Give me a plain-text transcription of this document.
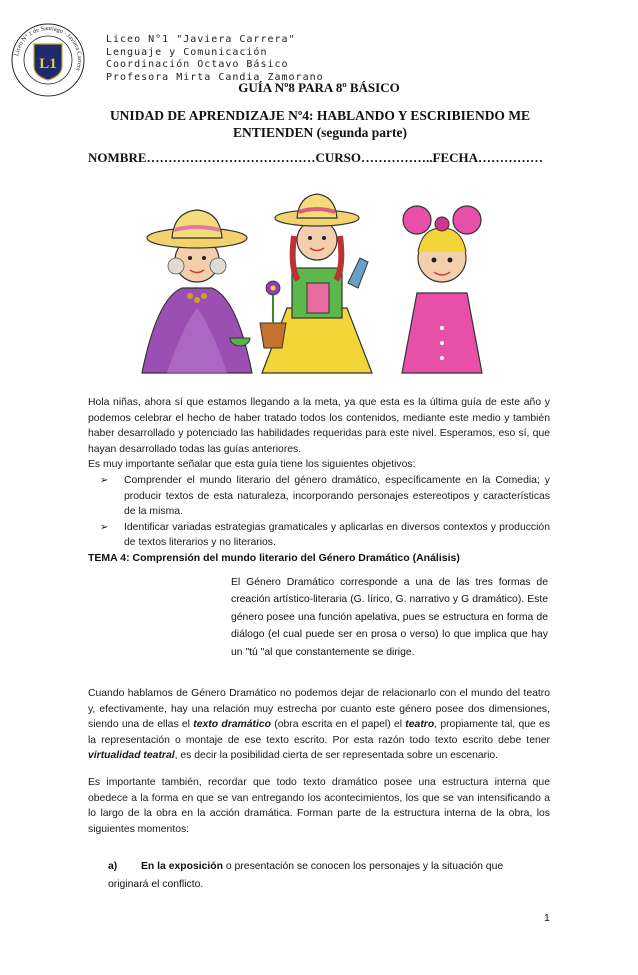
Liceo N° 1 de Santiago · Javiera Carrera
L1
Liceo N°1 "Javiera Carrera"
Lenguaje y Comunicación
Coordinación Octavo Básico
Profesora Mirta Candia Zamorano
GUÍA Nº8 PARA 8º BÁSICO
UNIDAD DE APRENDIZAJE Nº4: HABLANDO Y ESCRIBIENDO ME ENTIENDEN (segunda parte)
NOMBRE…………………………………CURSO……………..FECHA……………

Hola niñas, ahora sí que estamos llegando a la meta, ya que esta es la última guía de este año y podemos celebrar el hecho de haber tratado todos los contenidos, mediante este medio y también haber desarrollado y potenciado las habilidades requeridas para este nivel. Esperamos, eso sí, que hayan desarrollado todas las guías anteriores.

Es muy importante señalar que esta guía tiene los siguientes objetivos:

➢ Comprender el mundo literario del género dramático, específicamente en la Comedia; y producir textos de esta naturaleza, incorporando personajes estereotipos y características de la misma.
➢ Identificar variadas estrategias gramaticales y aplicarlas en diversos contextos y producción de textos literarios y no literarios.
TEMA 4: Comprensión del mundo literario del Género Dramático (Análisis)
El Género Dramático corresponde a una de las tres formas de creación artístico-literaria (G. lírico, G. narrativo y G dramático). Este género posee una función apelativa, pues se estructura en forma de diálogo (el cual puede ser en prosa o verso) lo que implica que hay un "tú "al que constantemente se dirige.
Cuando hablamos de Género Dramático no podemos dejar de relacionarlo con el mundo del teatro y, efectivamente, hay una relación muy estrecha por cuanto este género posee dos dimensiones, siendo una de ellas el texto dramático (obra escrita en el papel) el teatro, propiamente tal, que es la representación o montaje de ese texto escrito. Por esta razón todo texto escrito debe tener virtualidad teatral, es decir la posibilidad cierta de ser representada sobre un escenario.
Es importante también, recordar que todo texto dramático posee una estructura interna que obedece a la forma en que se van entregando los acontecimientos, los que se van intensificando a lo largo de la obra en la acción dramática. Forman parte de la estructura interna de la obra, los siguientes momentos:
a) En la exposición o presentación se conocen los personajes y la situación que originará el conflicto.
1
